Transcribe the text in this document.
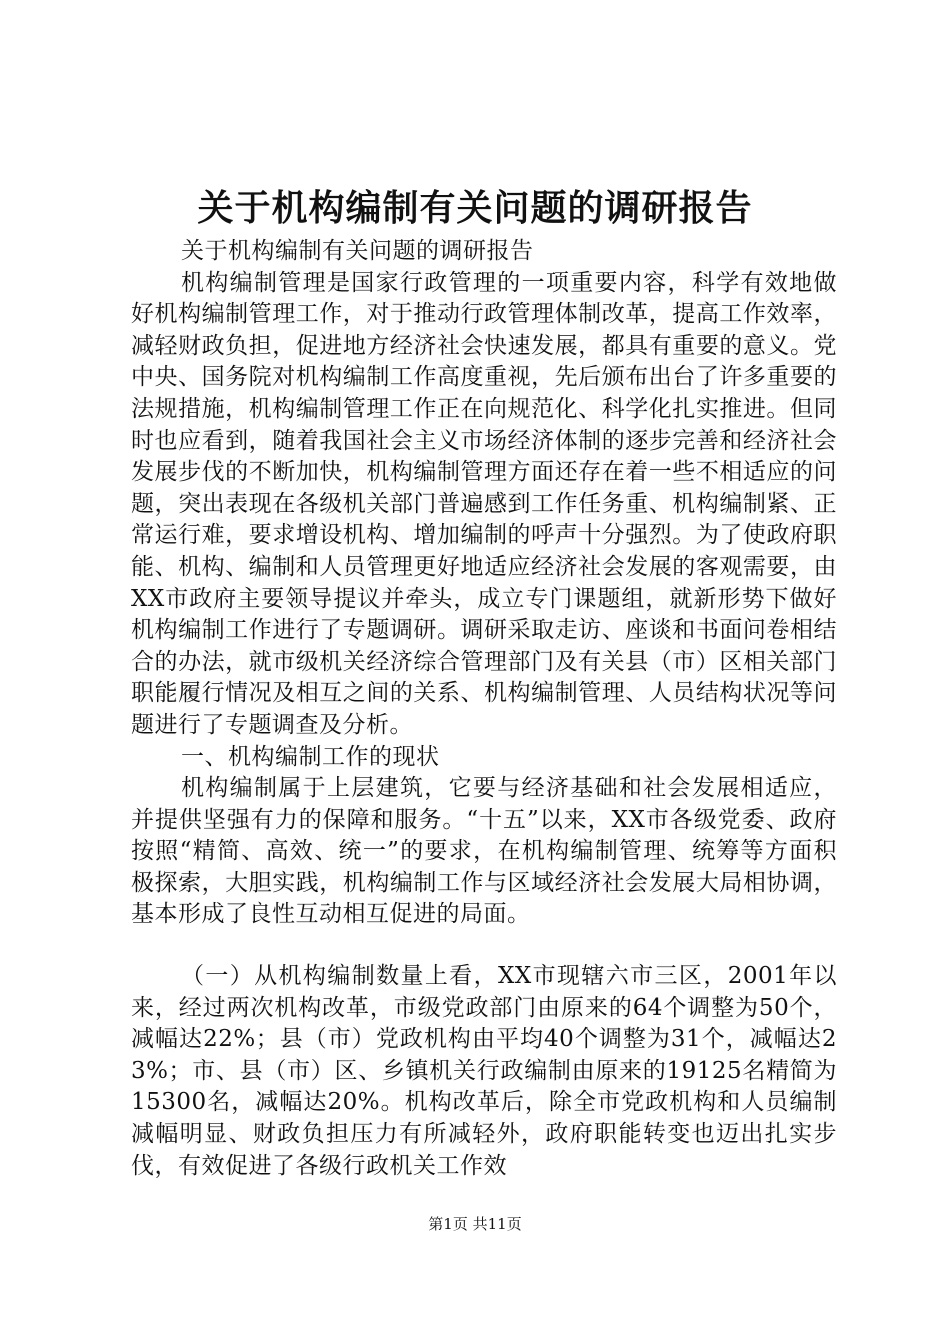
关于机构编制有关问题的调研报告

关于机构编制有关问题的调研报告

机构编制管理是国家行政管理的一项重要内容，科学有效地做好机构编制管理工作，对于推动行政管理体制改革，提高工作效率，减轻财政负担，促进地方经济社会快速发展，都具有重要的意义。党中央、国务院对机构编制工作高度重视，先后颁布出台了许多重要的法规措施，机构编制管理工作正在向规范化、科学化扎实推进。但同时也应看到，随着我国社会主义市场经济体制的逐步完善和经济社会发展步伐的不断加快，机构编制管理方面还存在着一些不相适应的问题，突出表现在各级机关部门普遍感到工作任务重、机构编制紧、正常运行难，要求增设机构、增加编制的呼声十分强烈。为了使政府职能、机构、编制和人员管理更好地适应经济社会发展的客观需要，由XX市政府主要领导提议并牵头，成立专门课题组，就新形势下做好机构编制工作进行了专题调研。调研采取走访、座谈和书面问卷相结合的办法，就市级机关经济综合管理部门及有关县（市）区相关部门职能履行情况及相互之间的关系、机构编制管理、人员结构状况等问题进行了专题调查及分析。

一、机构编制工作的现状

机构编制属于上层建筑，它要与经济基础和社会发展相适应，并提供坚强有力的保障和服务。“十五”以来，XX市各级党委、政府按照“精简、高效、统一”的要求，在机构编制管理、统筹等方面积极探索，大胆实践，机构编制工作与区域经济社会发展大局相协调，基本形成了良性互动相互促进的局面。

（一）从机构编制数量上看，XX市现辖六市三区，2001年以来，经过两次机构改革，市级党政部门由原来的64个调整为50个，减幅达22%；县（市）党政机构由平均40个调整为31个，减幅达23%；市、县（市）区、乡镇机关行政编制由原来的19125名精简为15300名，减幅达20%。机构改革后，除全市党政机构和人员编制减幅明显、财政负担压力有所减轻外，政府职能转变也迈出扎实步伐，有效促进了各级行政机关工作效

第1页 共11页
